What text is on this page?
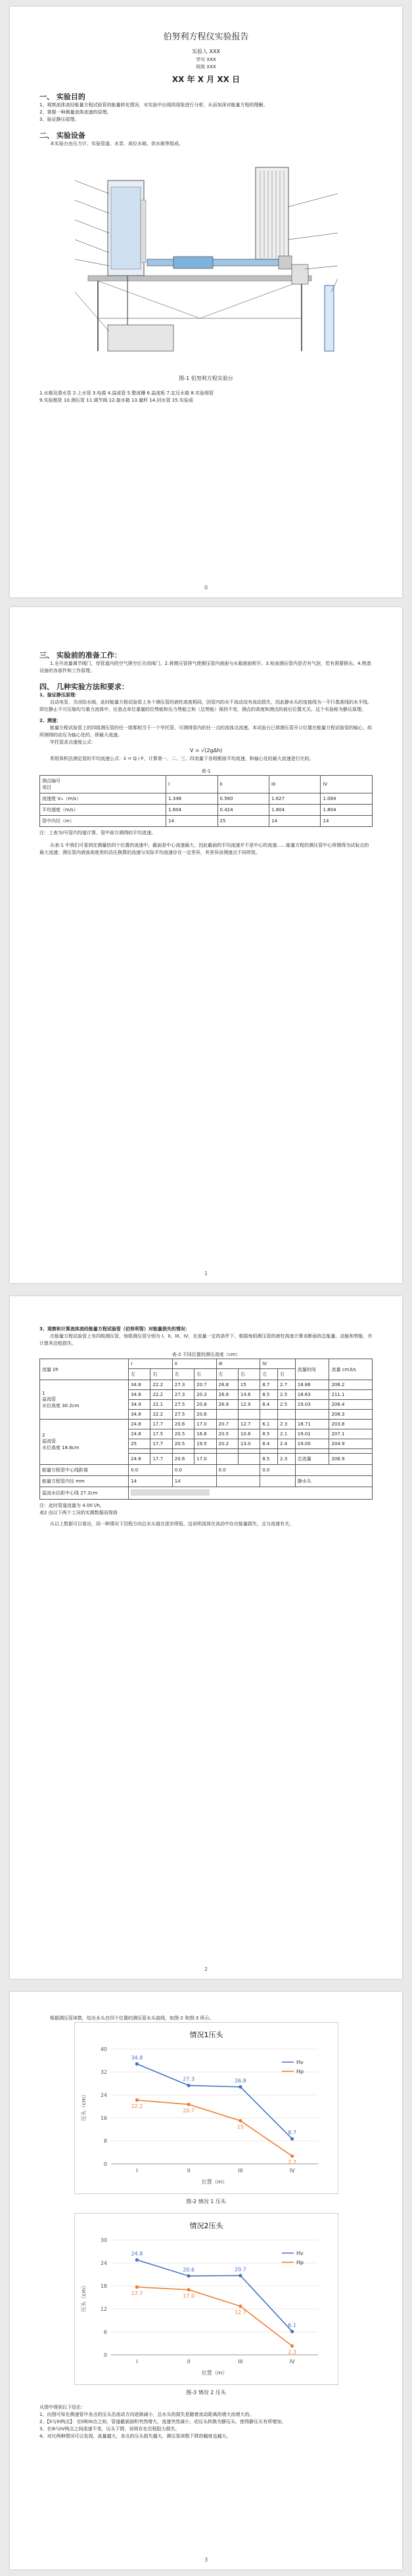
伯努利方程仪实验报告
实验人 XXX
学号 XXX
班级 XXX
XX 年 X 月 XX 日
一、 实验目的
1、观察流体流经能量方程试验管的能量转化情况，对实验中出现的现象进行分析，从而加深对能量方程的理解。
2、掌握一种测量流体流速的原理。
3、验证静压原理。
二、 实验设备
本实验台由压力计、实验管道、水泵、高位水箱、供水箱等组成。
图-1 伯努利方程实验台
1.水箱及潜水泵 2.上水管 3.电源 4.溢流管 5.整流栅 6.溢流板 7.定压水箱 8.实验细管
9.实验粗管 10.测压管 11.调节阀 12.接水箱 13.量杯 14.回水管 15.实验桌
0
三、 实验前的准备工作：
1.全开流量调节阀门，待管道内的空气排空后关闭阀门。2.将测压管排气使测压管内液面与水箱液面相平。3.检查测压管内是否有气泡，若有需要排出。4.熟悉设备的各部件和工作原理。
四、 几种实验方法和要求：
1、验证静压原理：
启动电泵，关闭给水阀，此时能量方程试验管上各个测压管的液柱高度相同，因管内的水不流动没有流动损失，因此静水头的连接线为一平行基准线的水平线。即在静止不可压缩均匀重力流体中，任意点单位重量的位势能和压力势能之和（总势能）保持不变，测点的高度和测点的前后位置无关。这个实验称为静压原理。
2、测速：
能量方程试验管上的四组测压管的任一组都相当于一个毕托管，可测得管内的任一点的流体点流速。本试验台已将测压管开口位置在能量方程试验管的轴心，故所测得的动压为轴心处的，即最大流速。
毕托管求点速度公式：
V = √(2gΔh)
利用体积法测定管的平均流速公式：v̄ = Q / F，计算第一、二、三、四流量下各组断面平均流速，和轴心处的最大流速进行比较。
表-1
测点编号
项目	I	II	III	IV
流速度 Vₘ（m/s）	1.348	0.560	1.627	1.084
平均速度（m/s）	1.804	0.424	1.804	1.804
管中内径（m）	14	25	14	14
注：上表为Ⅰ号管内均值计算，管中前方测得的平均流速。
从表-1 中我们可看到在测量的四个位置的流速中，截面是中心流速最大，因此截面的平均流速并不是中心的流速……能量方程的测压管中心所测得为试验点的最大流速；测压管内液面高度差的动压换算的流速与实际平均流速存在一定差异，其差异由测速点不同所致。
1
3、观察和计算流体流经能量方程试验管（伯努利管）对能量损失的情况：
在能量方程试验管上有四组测压管，每组测压管分别为 I、II、III、IV，在流量一定的条件下，根据每组测压管的液柱高度计算该断面的总能量、动能和势能，并计算其沿程损失。
表-2 不同位置的测压高度（cm）
流量 l/h	I		II		III		IV		流量时间	流量 cm3/s
	左	右	左	右	左	右	左	右		

1
溢流管
水位高度 30.2cm	34.8	22.2	27.3	20.7	26.8	15	8.7	2.7	18.86	206.2
	34.8	22.2	27.3	20.3	26.8	14.6	8.5	2.5	18.63	211.1
	34.9	22.1	27.5	20.8	26.9	12.9	8.4	2.5	19.03	206.4
	34.8	22.2	27.5	20.6						208.3

2
溢流管
水位高度 18.6cm	24.8	17.7	20.6	17.0	20.7	12.7	6.1	2.3	18.71	203.8
	24.8	17.5	20.5	16.8	20.5	10.8	8.5	2.1	19.01	207.1
	25	17.7	20.5	19.5	20.2	13.0	8.4	2.4	19.00	204.9

	24.8	17.7	20.6	17.0			8.5	2.3	总流量	206.9
能量方程管中心线距离	0.0		0.0		0.0		0.0			
能量方程管内径 mm	14		14						静水头	
溢流水位距中心线 27.2cm										
注：此时管道流量为 4.00 l/h。
表2 由以下两个工况的实测数据而得到
从以上数据可以看出，同一种情况下沿程方向总水头值在逐步降低，这说明流体在流动中存在能量损失，且与流速有关。
2
根据测压管读数，绘出水头在四个位置的测压管水头曲线，如图-2 和图-3 所示。
情况1压头
0
8
16
24
32
40
I	II	III	IV
位置（m）
压头（cm）
34.8
27.3	26.8
8.7
Hv
22.2
20.7
15
2.7
Hp
图-2 情况 1 压头
情况2压头
0
6
12
18
24
30
I	II	III	IV
位置（m）
压头（cm）
24.8
20.6	20.7
6.1
Hv
17.7	17.0
12.7
2.3
Hp
图-3 情况 2 压头
从图中得到以下结论：
1、由图可知在测速管中各点的压头沿流动方向逐渐减小，总水头的损失是随着流动距离的增大而增大的。
2、【II与III两点】：在II和III点之间，管道截面面积突然增大，流速突然减小，动压头转换为静压头，使得静压头有所增加。
3、在III与IV两点之间流速不变，压头下降，说明存在沿程阻力损失。
4、对比两种情况可以发现，流量越大，各点的压头损失越大，测压管读数下降的幅度也越大。
3
